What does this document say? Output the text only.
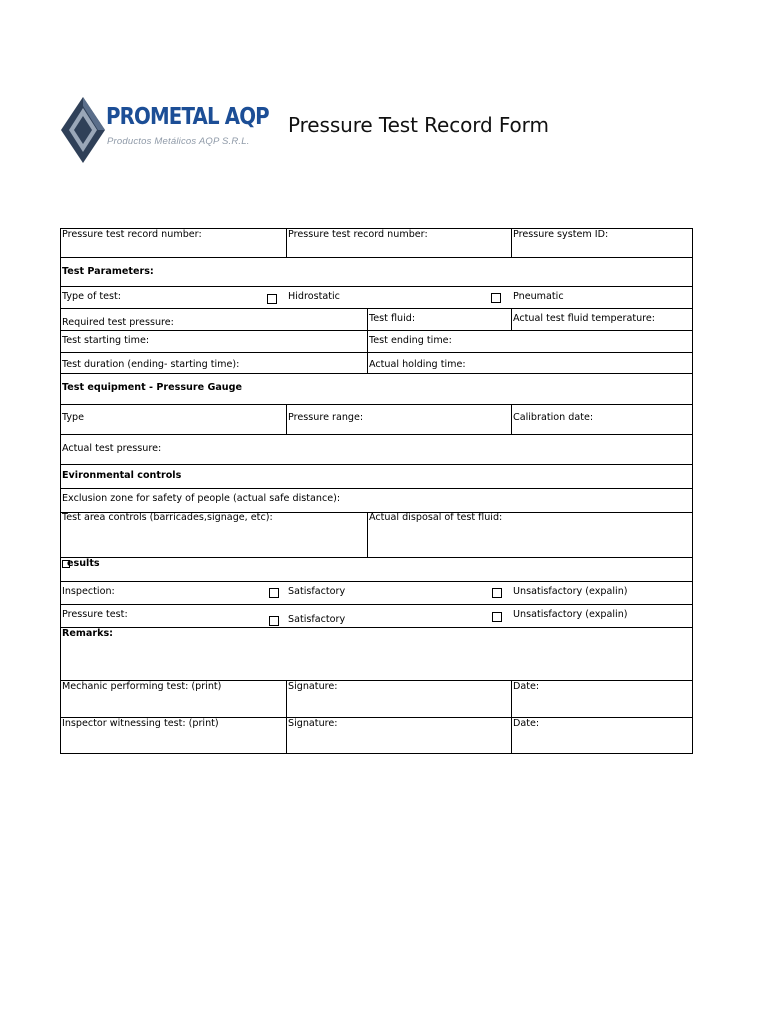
PROMETAL AQP
Productos Metálicos AQP S.R.L.
Pressure Test Record Form
Pressure test record number:	Pressure test record number:	Pressure system ID:
Test Parameters:
Type of test:	Hidrostatic	Pneumatic
Required test pressure:	Test fluid:	Actual test fluid temperature:
Test starting time:	Test ending time:
Test duration (ending- starting time):	Actual holding time:
Test equipment - Pressure Gauge
Type	Pressure range:	Calibration date:
Actual test pressure:
Evironmental controls
Exclusion zone for safety of people (actual safe distance):
Test area controls (barricades,signage, etc):	Actual disposal of test fluid:
esults
Inspection:	Satisfactory	Unsatisfactory (expalin)
Pressure test:	Satisfactory	Unsatisfactory (expalin)
Remarks:
Mechanic performing test: (print)	Signature:	Date:
Inspector witnessing test: (print)	Signature:	Date:
